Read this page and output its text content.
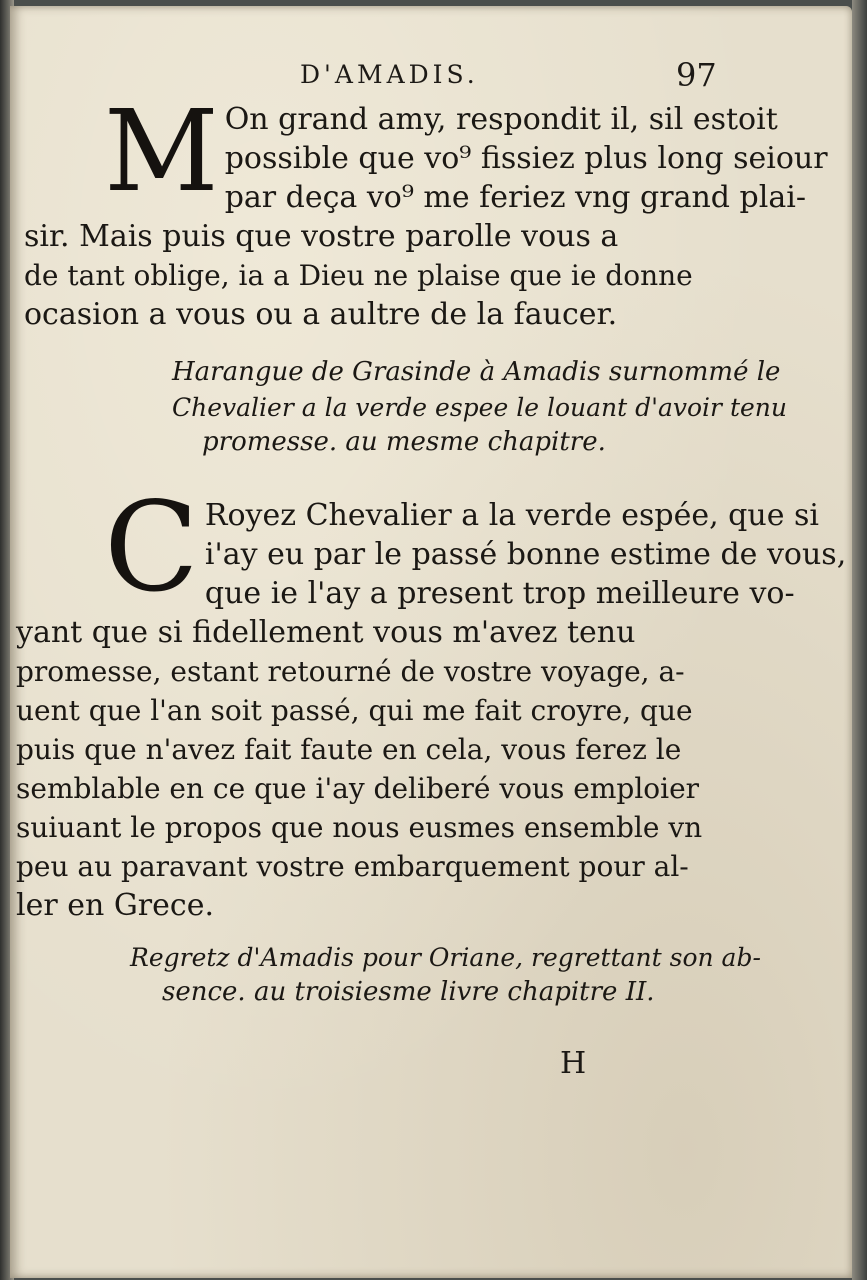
D'AMADIS.	97
M On grand amy, respondit il, sil estoit
possible que vo⁹ fissiez plus long seiour
par deça vo⁹ me feriez vng grand plai-
sir. Mais puis que vostre parolle vous a
de tant oblige, ia a Dieu ne plaise que ie donne
ocasion a vous ou a aultre de la faucer.
Harangue de Grasinde à Amadis surnommé le
Chevalier a la verde espee le louant d'avoir tenu
promesse. au mesme chapitre.
C Royez Chevalier a la verde espée, que si
i'ay eu par le passé bonne estime de vous,
que ie l'ay a present trop meilleure vo-
yant que si fidellement vous m'avez tenu
promesse, estant retourné de vostre voyage, a-
uent que l'an soit passé, qui me fait croyre, que
puis que n'avez fait faute en cela, vous ferez le
semblable en ce que i'ay deliberé vous emploier
suiuant le propos que nous eusmes ensemble vn
peu au paravant vostre embarquement pour al-
ler en Grece.
Regretz d'Amadis pour Oriane, regrettant son ab-
sence. au troisiesme livre chapitre II.
H
